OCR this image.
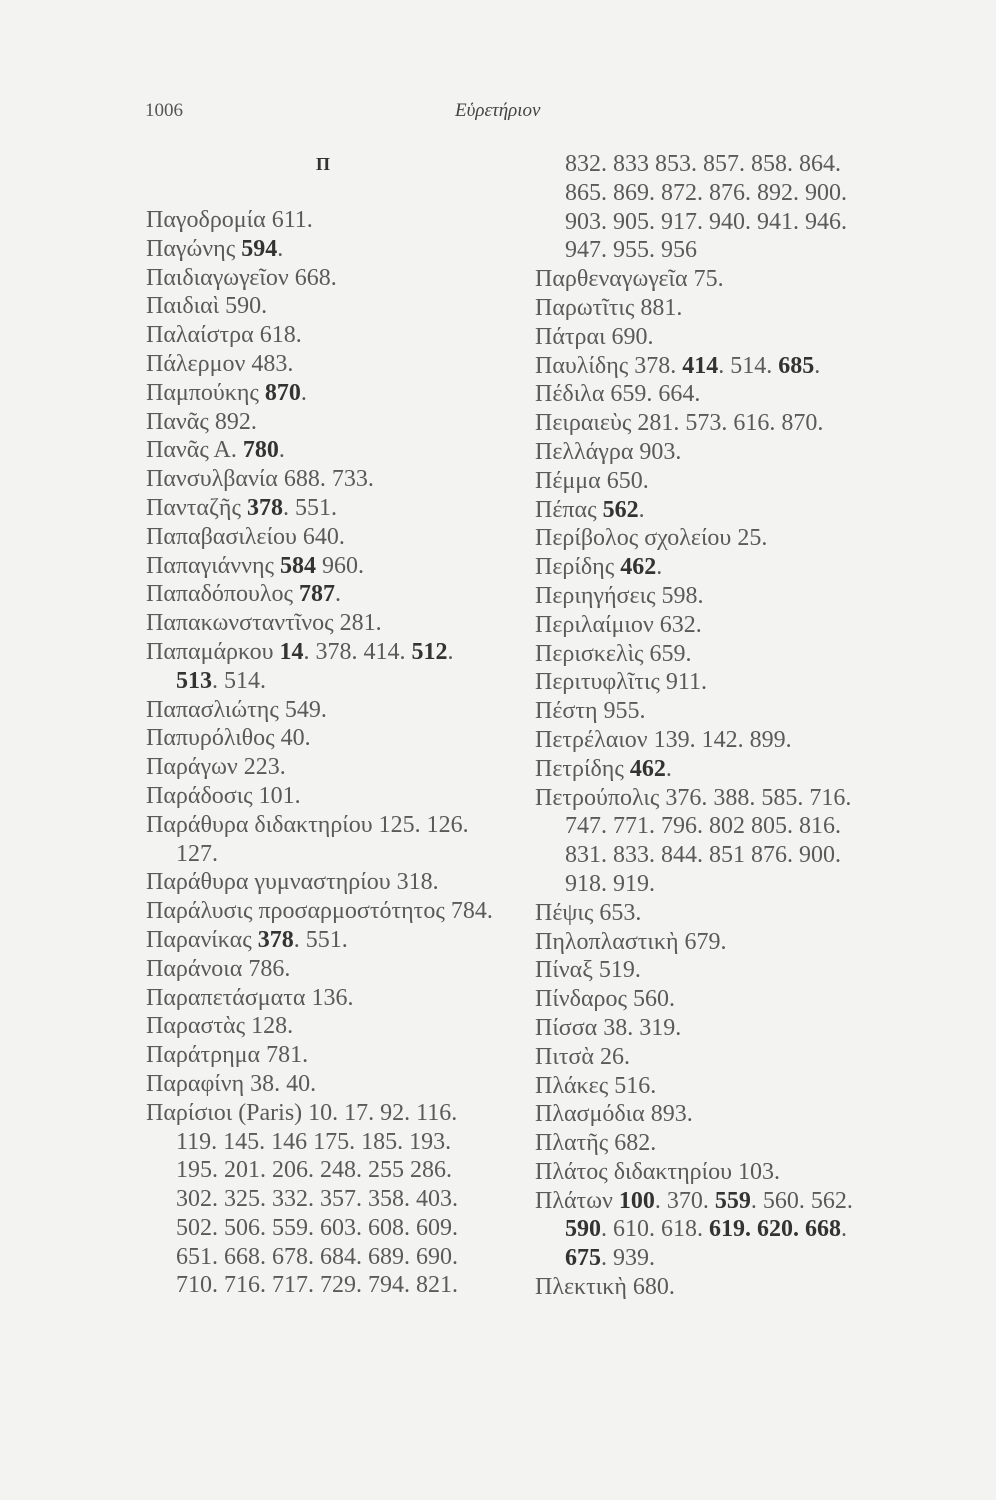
1006	Εὑρετήριον
Π
Παγοδρομία 611.
Παγώνης 594.
Παιδιαγωγεῖον 668.
Παιδιαὶ 590.
Παλαίστρα 618.
Πάλερμον 483.
Παμπούκης 870.
Πανᾶς 892.
Πανᾶς Α. 780.
Πανσυλβανία 688. 733.
Πανταζῆς 378. 551.
Παπαβασιλείου 640.
Παπαγιάννης 584 960.
Παπαδόπουλος 787.
Παπακωνσταντῖνος 281.
Παπαμάρκου 14. 378. 414. 512.
513. 514.
Παπασλιώτης 549.
Παπυρόλιθος 40.
Παράγων 223.
Παράδοσις 101.
Παράθυρα διδακτηρίου 125. 126.
127.
Παράθυρα γυμναστηρίου 318.
Παράλυσις προσαρμοστότητος 784.
Παρανίκας 378. 551.
Παράνοια 786.
Παραπετάσματα 136.
Παραστὰς 128.
Παράτρημα 781.
Παραφίνη 38. 40.
Παρίσιοι (Paris) 10. 17. 92. 116.
119. 145. 146 175. 185. 193.
195. 201. 206. 248. 255 286.
302. 325. 332. 357. 358. 403.
502. 506. 559. 603. 608. 609.
651. 668. 678. 684. 689. 690.
710. 716. 717. 729. 794. 821.
832. 833 853. 857. 858. 864.
865. 869. 872. 876. 892. 900.
903. 905. 917. 940. 941. 946.
947. 955. 956
Παρθεναγωγεῖα 75.
Παρωτῖτις 881.
Πάτραι 690.
Παυλίδης 378. 414. 514. 685.
Πέδιλα 659. 664.
Πειραιεὺς 281. 573. 616. 870.
Πελλάγρα 903.
Πέμμα 650.
Πέπας 562.
Περίβολος σχολείου 25.
Περίδης 462.
Περιηγήσεις 598.
Περιλαίμιον 632.
Περισκελὶς 659.
Περιτυφλῖτις 911.
Πέστη 955.
Πετρέλαιον 139. 142. 899.
Πετρίδης 462.
Πετρούπολις 376. 388. 585. 716.
747. 771. 796. 802 805. 816.
831. 833. 844. 851 876. 900.
918. 919.
Πέψις 653.
Πηλοπλαστικὴ 679.
Πίναξ 519.
Πίνδαρος 560.
Πίσσα 38. 319.
Πιτσὰ 26.
Πλάκες 516.
Πλασμόδια 893.
Πλατῆς 682.
Πλάτος διδακτηρίου 103.
Πλάτων 100. 370. 559. 560. 562.
590. 610. 618. 619. 620. 668.
675. 939.
Πλεκτικὴ 680.
